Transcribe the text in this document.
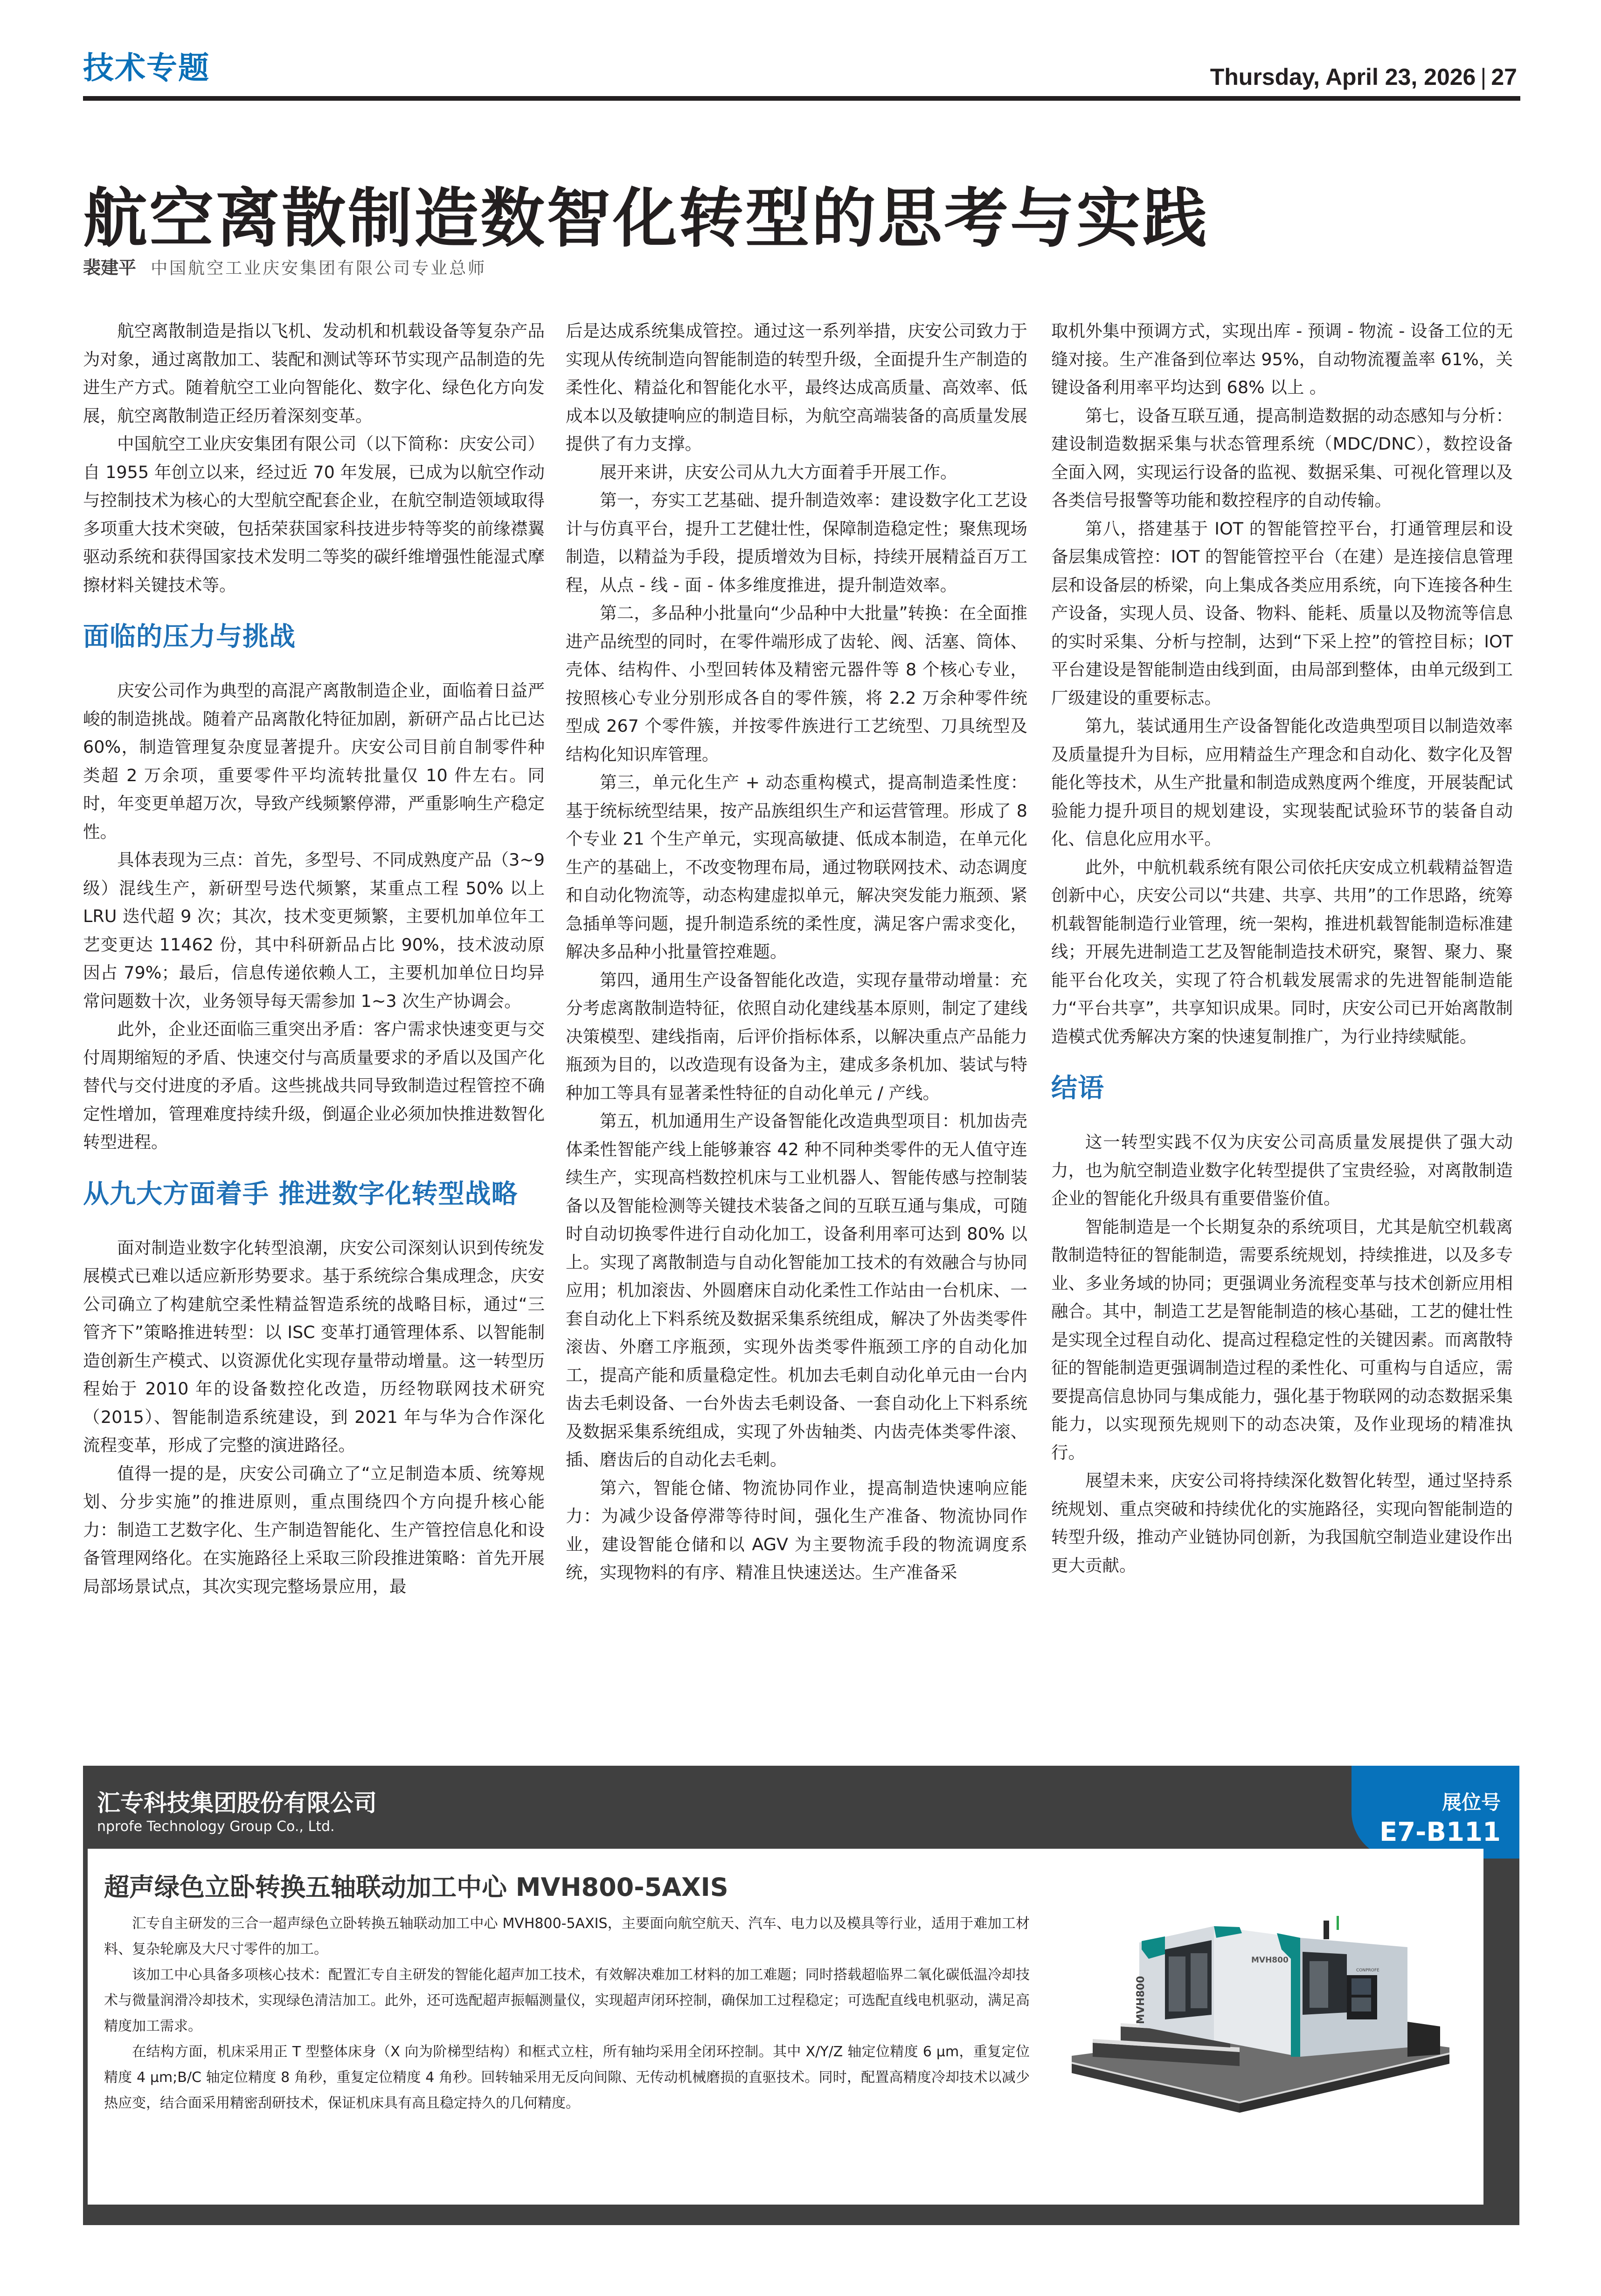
技术专题	Thursday, April 23, 2026 | 27
航空离散制造数智化转型的思考与实践
裴建平 中国航空工业庆安集团有限公司专业总师

航空离散制造是指以飞机、发动机和机载设备等复杂产品为对象，通过离散加工、装配和测试等环节实现产品制造的先进生产方式。随着航空工业向智能化、数字化、绿色化方向发展，航空离散制造正经历着深刻变革。

中国航空工业庆安集团有限公司（以下简称：庆安公司）自 1955 年创立以来，经过近 70 年发展，已成为以航空作动与控制技术为核心的大型航空配套企业，在航空制造领域取得多项重大技术突破，包括荣获国家科技进步特等奖的前缘襟翼驱动系统和获得国家技术发明二等奖的碳纤维增强性能湿式摩擦材料关键技术等。

面临的压力与挑战

庆安公司作为典型的高混产离散制造企业，面临着日益严峻的制造挑战。随着产品离散化特征加剧，新研产品占比已达 60%，制造管理复杂度显著提升。庆安公司目前自制零件种类超 2 万余项，重要零件平均流转批量仅 10 件左右。同时，年变更单超万次，导致产线频繁停滞，严重影响生产稳定性。

具体表现为三点：首先，多型号、不同成熟度产品（3~9 级）混线生产，新研型号迭代频繁，某重点工程 50% 以上 LRU 迭代超 9 次；其次，技术变更频繁，主要机加单位年工艺变更达 11462 份，其中科研新品占比 90%，技术波动原因占 79%；最后，信息传递依赖人工，主要机加单位日均异常问题数十次，业务领导每天需参加 1~3 次生产协调会。

此外，企业还面临三重突出矛盾：客户需求快速变更与交付周期缩短的矛盾、快速交付与高质量要求的矛盾以及国产化替代与交付进度的矛盾。这些挑战共同导致制造过程管控不确定性增加，管理难度持续升级，倒逼企业必须加快推进数智化转型进程。

从九大方面着手 推进数字化转型战略

面对制造业数字化转型浪潮，庆安公司深刻认识到传统发展模式已难以适应新形势要求。基于系统综合集成理念，庆安公司确立了构建航空柔性精益智造系统的战略目标，通过“三管齐下”策略推进转型：以 ISC 变革打通管理体系、以智能制造创新生产模式、以资源优化实现存量带动增量。这一转型历程始于 2010 年的设备数控化改造，历经物联网技术研究（2015）、智能制造系统建设，到 2021 年与华为合作深化流程变革，形成了完整的演进路径。

值得一提的是，庆安公司确立了“立足制造本质、统筹规划、分步实施”的推进原则，重点围绕四个方向提升核心能力：制造工艺数字化、生产制造智能化、生产管控信息化和设备管理网络化。在实施路径上采取三阶段推进策略：首先开展局部场景试点，其次实现完整场景应用，最

后是达成系统集成管控。通过这一系列举措，庆安公司致力于实现从传统制造向智能制造的转型升级，全面提升生产制造的柔性化、精益化和智能化水平，最终达成高质量、高效率、低成本以及敏捷响应的制造目标，为航空高端装备的高质量发展提供了有力支撑。

展开来讲，庆安公司从九大方面着手开展工作。

第一，夯实工艺基础、提升制造效率：建设数字化工艺设计与仿真平台，提升工艺健壮性，保障制造稳定性；聚焦现场制造，以精益为手段，提质增效为目标，持续开展精益百万工程，从点 - 线 - 面 - 体多维度推进，提升制造效率。

第二，多品种小批量向“少品种中大批量”转换：在全面推进产品统型的同时，在零件端形成了齿轮、阀、活塞、筒体、壳体、结构件、小型回转体及精密元器件等 8 个核心专业，按照核心专业分别形成各自的零件簇，将 2.2 万余种零件统型成 267 个零件簇，并按零件族进行工艺统型、刀具统型及结构化知识库管理。

第三，单元化生产 + 动态重构模式，提高制造柔性度：基于统标统型结果，按产品族组织生产和运营管理。形成了 8 个专业 21 个生产单元，实现高敏捷、低成本制造，在单元化生产的基础上，不改变物理布局，通过物联网技术、动态调度和自动化物流等，动态构建虚拟单元，解决突发能力瓶颈、紧急插单等问题，提升制造系统的柔性度，满足客户需求变化，解决多品种小批量管控难题。

第四，通用生产设备智能化改造，实现存量带动增量：充分考虑离散制造特征，依照自动化建线基本原则，制定了建线决策模型、建线指南，后评价指标体系，以解决重点产品能力瓶颈为目的，以改造现有设备为主，建成多条机加、装试与特种加工等具有显著柔性特征的自动化单元 / 产线。

第五，机加通用生产设备智能化改造典型项目：机加齿壳体柔性智能产线上能够兼容 42 种不同种类零件的无人值守连续生产，实现高档数控机床与工业机器人、智能传感与控制装备以及智能检测等关键技术装备之间的互联互通与集成，可随时自动切换零件进行自动化加工，设备利用率可达到 80% 以上。实现了离散制造与自动化智能加工技术的有效融合与协同应用；机加滚齿、外圆磨床自动化柔性工作站由一台机床、一套自动化上下料系统及数据采集系统组成，解决了外齿类零件滚齿、外磨工序瓶颈，实现外齿类零件瓶颈工序的自动化加工，提高产能和质量稳定性。机加去毛刺自动化单元由一台内齿去毛刺设备、一台外齿去毛刺设备、一套自动化上下料系统及数据采集系统组成，实现了外齿轴类、内齿壳体类零件滚、插、磨齿后的自动化去毛刺。

第六，智能仓储、物流协同作业，提高制造快速响应能力：为减少设备停滞等待时间，强化生产准备、物流协同作业，建设智能仓储和以 AGV 为主要物流手段的物流调度系统，实现物料的有序、精准且快速送达。生产准备采

取机外集中预调方式，实现出库 - 预调 - 物流 - 设备工位的无缝对接。生产准备到位率达 95%，自动物流覆盖率 61%，关键设备利用率平均达到 68% 以上 。

第七，设备互联互通，提高制造数据的动态感知与分析：建设制造数据采集与状态管理系统（MDC/DNC），数控设备全面入网，实现运行设备的监视、数据采集、可视化管理以及各类信号报警等功能和数控程序的自动传输。

第八，搭建基于 IOT 的智能管控平台，打通管理层和设备层集成管控：IOT 的智能管控平台（在建）是连接信息管理层和设备层的桥梁，向上集成各类应用系统，向下连接各种生产设备，实现人员、设备、物料、能耗、质量以及物流等信息的实时采集、分析与控制，达到“下采上控”的管控目标；IOT 平台建设是智能制造由线到面，由局部到整体，由单元级到工厂级建设的重要标志。

第九，装试通用生产设备智能化改造典型项目以制造效率及质量提升为目标，应用精益生产理念和自动化、数字化及智能化等技术，从生产批量和制造成熟度两个维度，开展装配试验能力提升项目的规划建设，实现装配试验环节的装备自动化、信息化应用水平。

此外，中航机载系统有限公司依托庆安成立机载精益智造创新中心，庆安公司以“共建、共享、共用”的工作思路，统筹机载智能制造行业管理，统一架构，推进机载智能制造标准建线；开展先进制造工艺及智能制造技术研究，聚智、聚力、聚能平台化攻关，实现了符合机载发展需求的先进智能制造能力“平台共享”，共享知识成果。同时，庆安公司已开始离散制造模式优秀解决方案的快速复制推广，为行业持续赋能。

结语

这一转型实践不仅为庆安公司高质量发展提供了强大动力，也为航空制造业数字化转型提供了宝贵经验，对离散制造企业的智能化升级具有重要借鉴价值。

智能制造是一个长期复杂的系统项目，尤其是航空机载离散制造特征的智能制造，需要系统规划，持续推进，以及多专业、多业务域的协同；更强调业务流程变革与技术创新应用相融合。其中，制造工艺是智能制造的核心基础，工艺的健壮性是实现全过程自动化、提高过程稳定性的关键因素。而离散特征的智能制造更强调制造过程的柔性化、可重构与自适应，需要提高信息协同与集成能力，强化基于物联网的动态数据采集能力，以实现预先规则下的动态决策，及作业现场的精准执行。

展望未来，庆安公司将持续深化数智化转型，通过坚持系统规划、重点突破和持续优化的实施路径，实现向智能制造的转型升级，推动产业链协同创新，为我国航空制造业建设作出更大贡献。

汇专科技集团股份有限公司
nprofe Technology Group Co., Ltd.
展位号
E7-B111
超声绿色立卧转换五轴联动加工中心 MVH800-5AXIS

汇专自主研发的三合一超声绿色立卧转换五轴联动加工中心 MVH800-5AXIS，主要面向航空航天、汽车、电力以及模具等行业，适用于难加工材料、复杂轮廓及大尺寸零件的加工。

该加工中心具备多项核心技术：配置汇专自主研发的智能化超声加工技术，有效解决难加工材料的加工难题；同时搭载超临界二氧化碳低温冷却技术与微量润滑冷却技术，实现绿色清洁加工。此外，还可选配超声振幅测量仪，实现超声闭环控制，确保加工过程稳定；可选配直线电机驱动，满足高精度加工需求。

在结构方面，机床采用正 T 型整体床身（X 向为阶梯型结构）和框式立柱，所有轴均采用全闭环控制。其中 X/Y/Z 轴定位精度 6 μm，重复定位精度 4 μm;B/C 轴定位精度 8 角秒，重复定位精度 4 角秒。回转轴采用无反向间隙、无传动机械磨损的直驱技术。同时，配置高精度冷却技术以减少热应变，结合面采用精密刮研技术，保证机床具有高且稳定持久的几何精度。

MVH800
MVH800
CONPROFE
